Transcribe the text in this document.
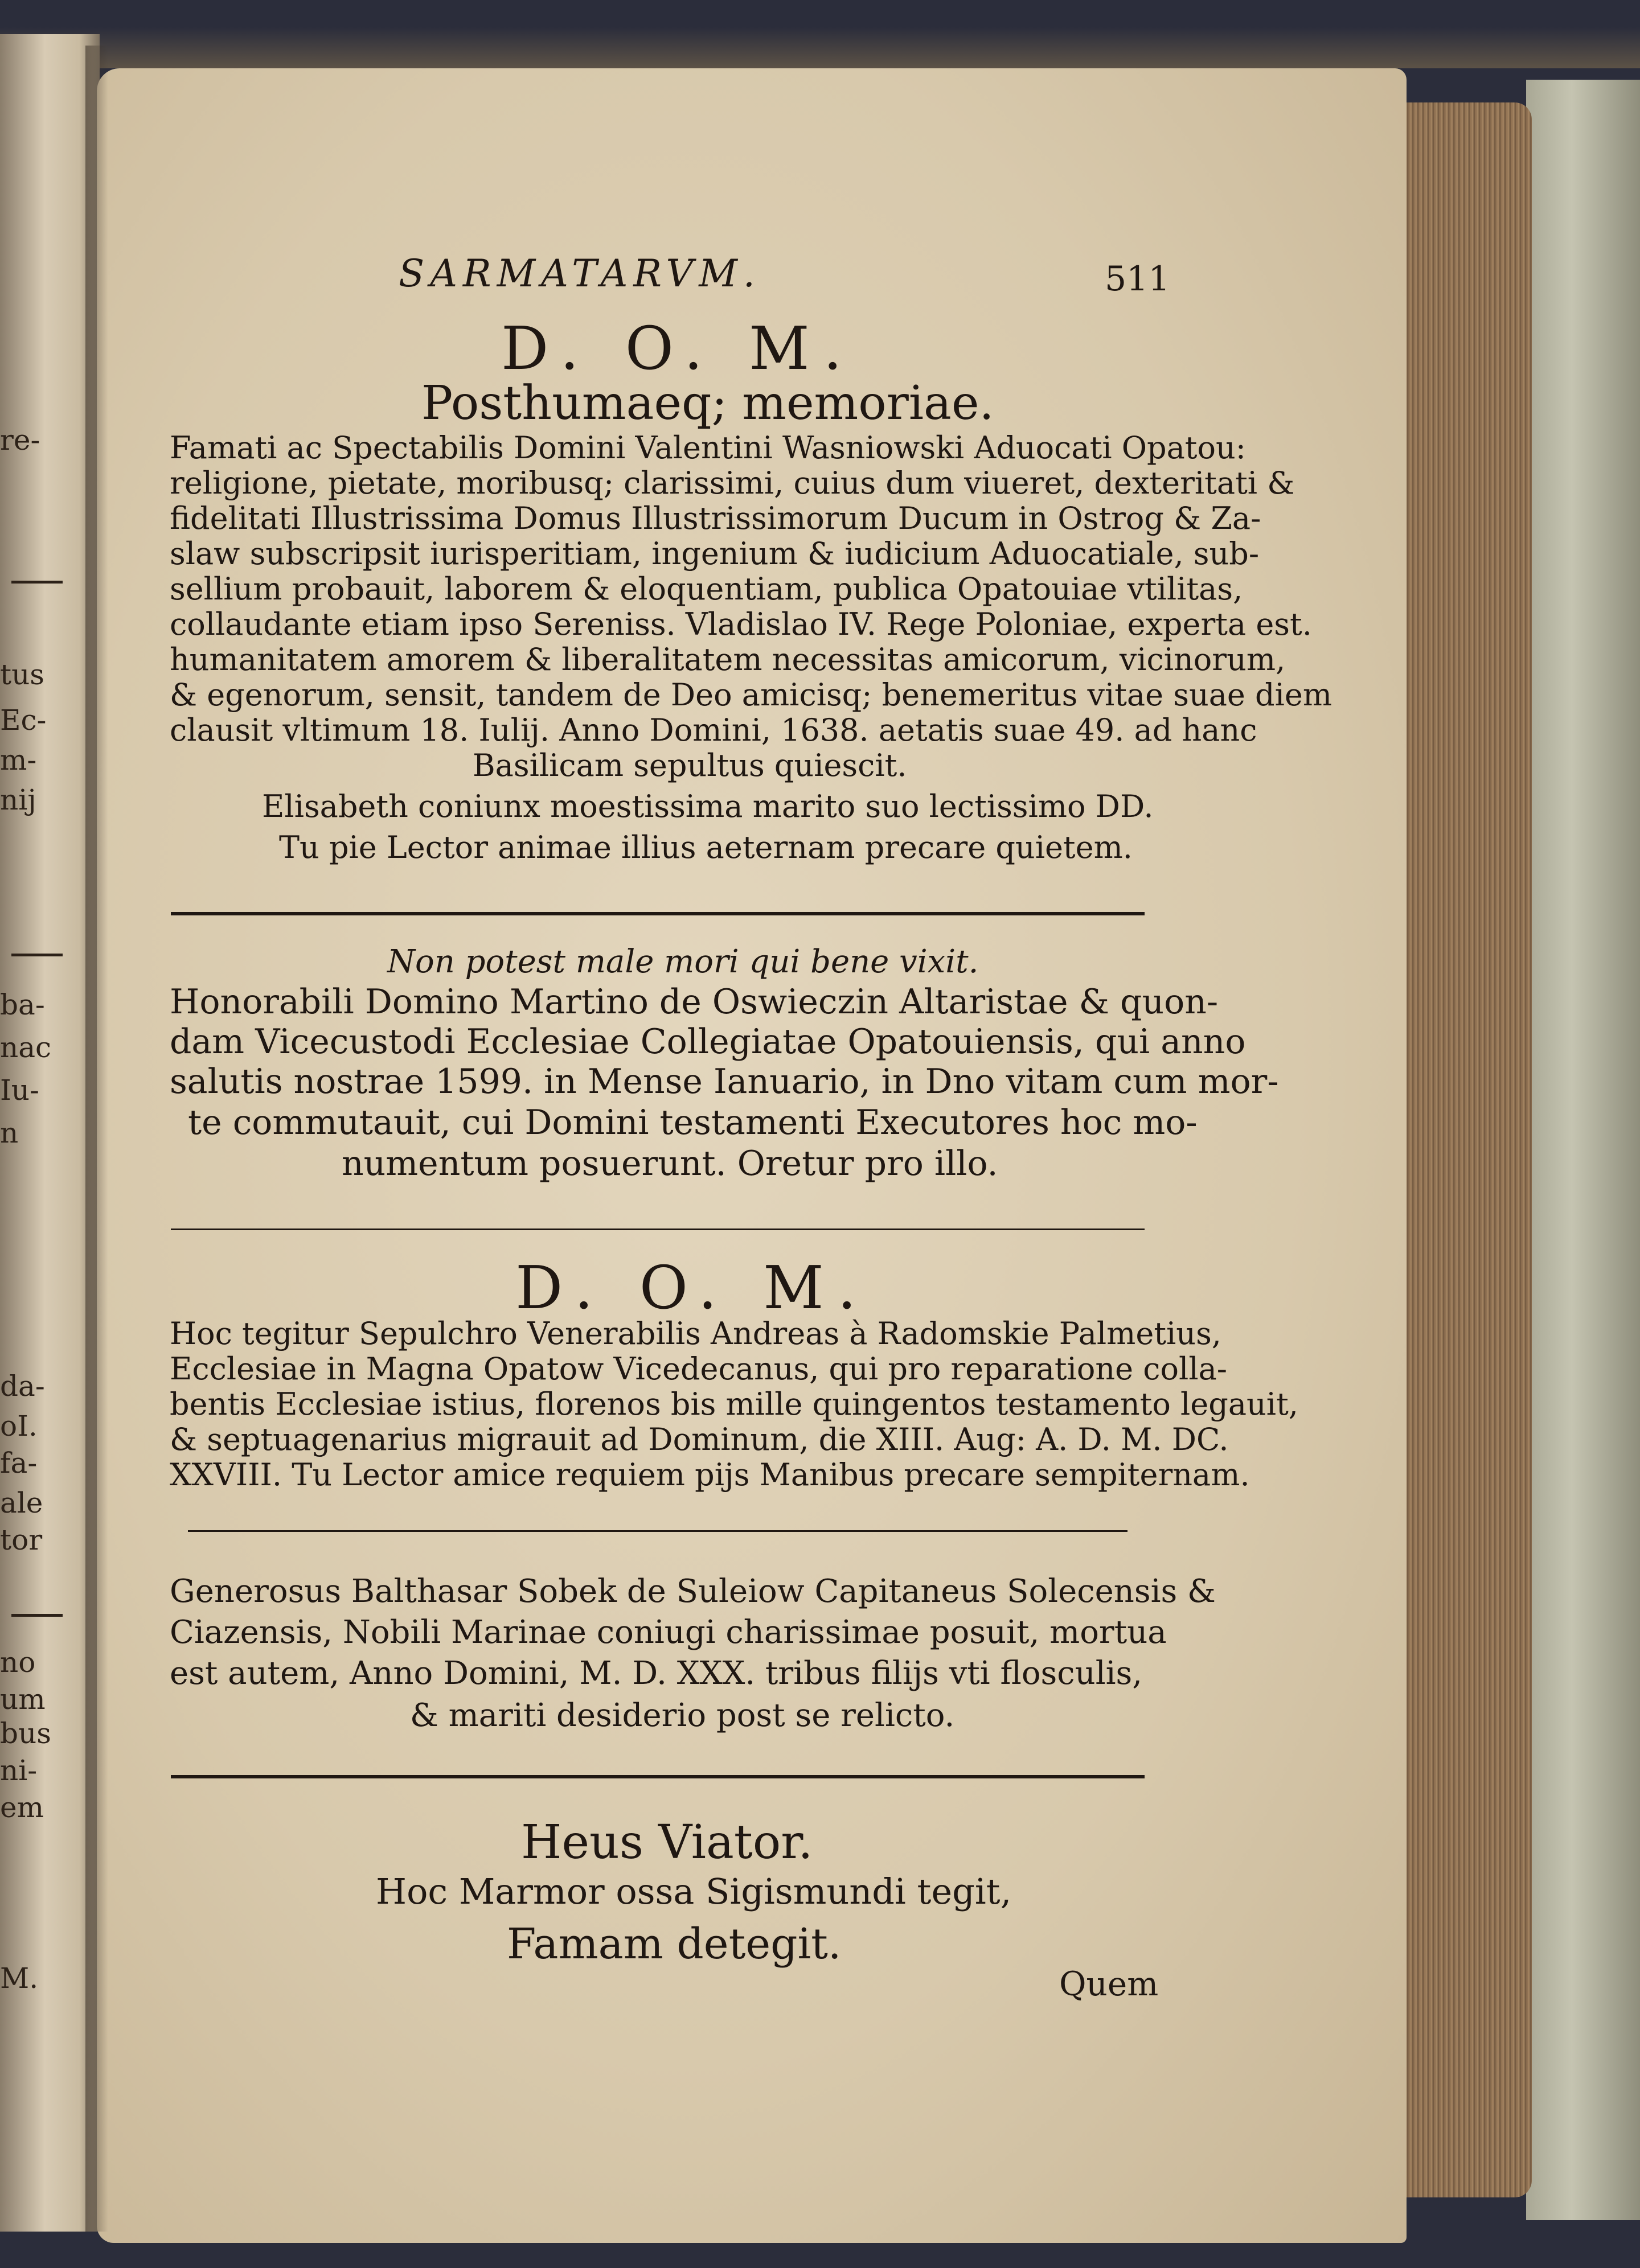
re-
tus
Ec-
m-
nij
ba-
nac
Iu-
n
da-
oI.
fa-
ale
tor
no
um
bus
ni-
em
M.
SARMATARVM.	511
D. O. M.
Posthumaeq; memoriae.
Famati ac Spectabilis Domini Valentini Wasniowski Aduocati Opatou:
religione, pietate, moribusq; clarissimi, cuius dum viueret, dexteritati &
fidelitati Illustrissima Domus Illustrissimorum Ducum in Ostrog & Za-
slaw subscripsit iurisperitiam, ingenium & iudicium Aduocatiale, sub-
sellium probauit, laborem & eloquentiam, publica Opatouiae vtilitas,
collaudante etiam ipso Sereniss. Vladislao IV. Rege Poloniae, experta est.
humanitatem amorem & liberalitatem necessitas amicorum, vicinorum,
& egenorum, sensit, tandem de Deo amicisq; benemeritus vitae suae diem
clausit vltimum 18. Iulij. Anno Domini, 1638. aetatis suae 49. ad hanc
Basilicam sepultus quiescit.
Elisabeth coniunx moestissima marito suo lectissimo DD.
Tu pie Lector animae illius aeternam precare quietem.
Non potest male mori qui bene vixit.
Honorabili Domino Martino de Oswieczin Altaristae & quon-
dam Vicecustodi Ecclesiae Collegiatae Opatouiensis, qui anno
salutis nostrae 1599. in Mense Ianuario, in Dno vitam cum mor-
te commutauit, cui Domini testamenti Executores hoc mo-
numentum posuerunt. Oretur pro illo.
D. O. M.
Hoc tegitur Sepulchro Venerabilis Andreas à Radomskie Palmetius,
Ecclesiae in Magna Opatow Vicedecanus, qui pro reparatione colla-
bentis Ecclesiae istius, florenos bis mille quingentos testamento legauit,
& septuagenarius migrauit ad Dominum, die XIII. Aug: A. D. M. DC.
XXVIII. Tu Lector amice requiem pijs Manibus precare sempiternam.
Generosus Balthasar Sobek de Suleiow Capitaneus Solecensis &
Ciazensis, Nobili Marinae coniugi charissimae posuit, mortua
est autem, Anno Domini, M. D. XXX. tribus filijs vti flosculis,
& mariti desiderio post se relicto.
Heus Viator.
Hoc Marmor ossa Sigismundi tegit,
Famam detegit.
Quem
